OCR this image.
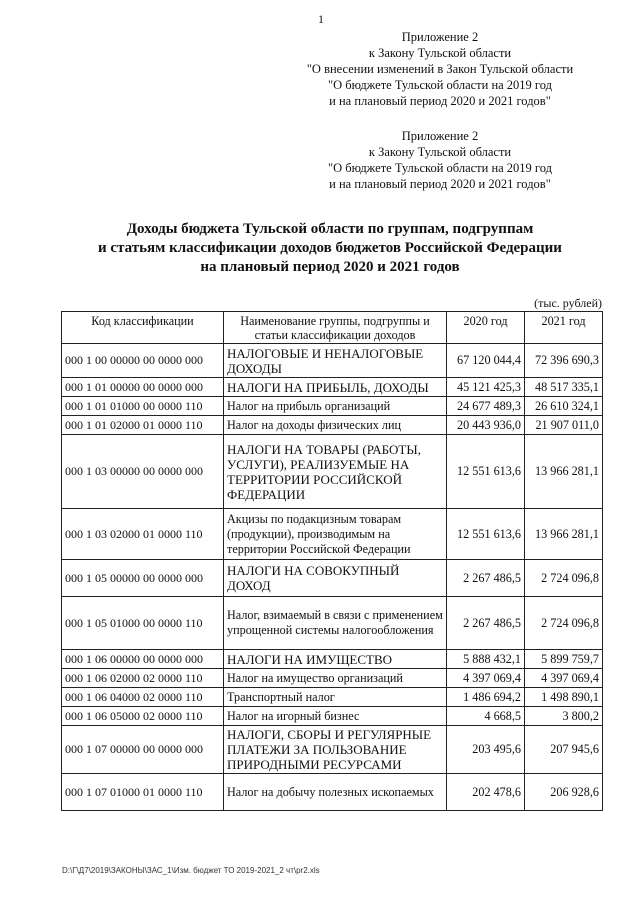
1
Приложение 2
к Закону Тульской области
"О внесении изменений в Закон Тульской области
"О бюджете Тульской области на 2019 год
и на плановый период 2020 и 2021 годов"
Приложение 2
к Закону Тульской области
"О бюджете Тульской области на 2019 год
и на плановый период 2020 и 2021 годов"
Доходы бюджета Тульской области по группам, подгруппам
и статьям классификации доходов бюджетов Российской Федерации
на плановый период 2020 и 2021 годов
(тыс. рублей)
Код классификации	Наименование группы, подгруппы и статьи классификации доходов	2020 год	2021 год
000 1 00 00000 00 0000 000	НАЛОГОВЫЕ И НЕНАЛОГОВЫЕ ДОХОДЫ	67 120 044,4	72 396 690,3
000 1 01 00000 00 0000 000	НАЛОГИ НА ПРИБЫЛЬ, ДОХОДЫ	45 121 425,3	48 517 335,1
000 1 01 01000 00 0000 110	Налог на прибыль организаций	24 677 489,3	26 610 324,1
000 1 01 02000 01 0000 110	Налог на доходы физических лиц	20 443 936,0	21 907 011,0
000 1 03 00000 00 0000 000	НАЛОГИ НА ТОВАРЫ (РАБОТЫ, УСЛУГИ), РЕАЛИЗУЕМЫЕ НА ТЕРРИТОРИИ РОССИЙСКОЙ ФЕДЕРАЦИИ	12 551 613,6	13 966 281,1
000 1 03 02000 01 0000 110	Акцизы по подакцизным товарам (продукции), производимым на территории Российской Федерации	12 551 613,6	13 966 281,1
000 1 05 00000 00 0000 000	НАЛОГИ НА СОВОКУПНЫЙ ДОХОД	2 267 486,5	2 724 096,8
000 1 05 01000 00 0000 110	Налог, взимаемый в связи с применением упрощенной системы налогообложения	2 267 486,5	2 724 096,8
000 1 06 00000 00 0000 000	НАЛОГИ НА ИМУЩЕСТВО	5 888 432,1	5 899 759,7
000 1 06 02000 02 0000 110	Налог на имущество организаций	4 397 069,4	4 397 069,4
000 1 06 04000 02 0000 110	Транспортный налог	1 486 694,2	1 498 890,1
000 1 06 05000 02 0000 110	Налог на игорный бизнес	4 668,5	3 800,2
000 1 07 00000 00 0000 000	НАЛОГИ, СБОРЫ И РЕГУЛЯРНЫЕ ПЛАТЕЖИ ЗА ПОЛЬЗОВАНИЕ ПРИРОДНЫМИ РЕСУРСАМИ	203 495,6	207 945,6
000 1 07 01000 01 0000 110	Налог на добычу полезных ископаемых	202 478,6	206 928,6
D:\Г\Д7\2019\ЗАКОНЫ\ЗАС_1\Изм. бюджет ТО 2019-2021_2 чт\pr2.xls
